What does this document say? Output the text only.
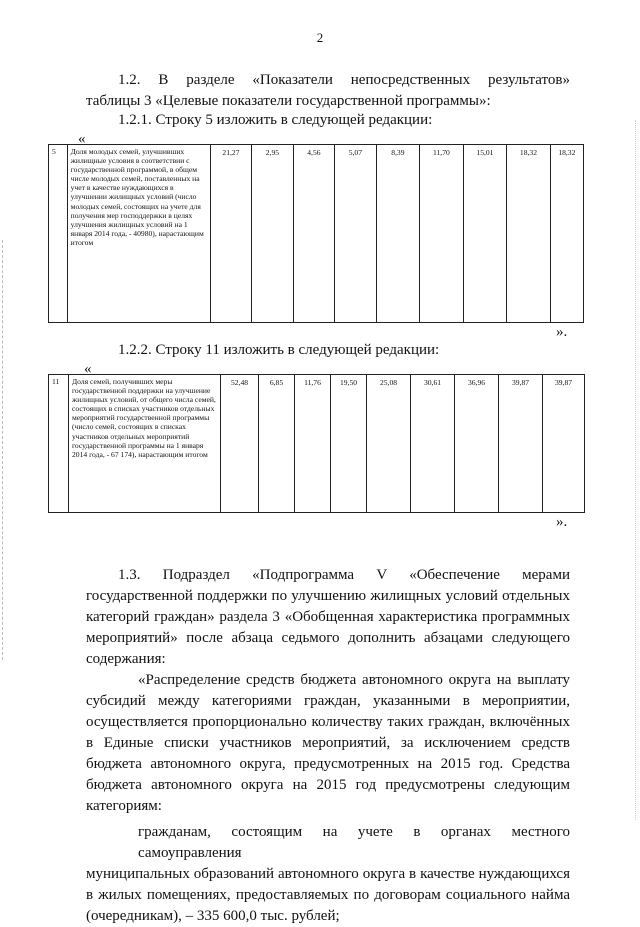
2
1.2. В разделе «Показатели непосредственных результатов»
таблицы 3 «Целевые показатели государственной программы»:
1.2.1. Строку 5 изложить в следующей редакции:
«
5	Доля молодых семей, улучшивших жилищные условия в соответствии с государственной программой, в общем числе молодых семей, поставленных на учет в качестве нуждающихся в улучшении жилищных условий (число молодых семей, состоящих на учете для получения мер господдержки в целях улучшения жилищных условий на 1 января 2014 года, - 40980), нарастающим итогом	21,27	2,95	4,56	5,07	8,39	11,70	15,01	18,32	18,32
».
1.2.2. Строку 11 изложить в следующей редакции:
«
11	Доля семей, получивших меры государственной поддержки на улучшение жилищных условий, от общего числа семей, состоящих в списках участников отдельных мероприятий государственной программы (число семей, состоящих в списках участников отдельных мероприятий государственной программы на 1 января 2014 года, - 67 174), нарастающим итогом	52,48	6,85	11,76	19,50	25,08	30,61	36,96	39,87	39,87
».
1.3. Подраздел «Подпрограмма V «Обеспечение мерами
государственной поддержки по улучшению жилищных условий отдельных
категорий граждан» раздела 3 «Обобщенная характеристика программных
мероприятий» после абзаца седьмого дополнить абзацами следующего
содержания:
«Распределение средств бюджета автономного округа на выплату
субсидий между категориями граждан, указанными в мероприятии,
осуществляется пропорционально количеству таких граждан, включённых
в Единые списки участников мероприятий, за исключением средств
бюджета автономного округа, предусмотренных на 2015 год. Средства
бюджета автономного округа на 2015 год предусмотрены следующим
категориям:
гражданам, состоящим на учете в органах местного самоуправления
муниципальных образований автономного округа в качестве нуждающихся
в жилых помещениях, предоставляемых по договорам социального найма
(очередникам), – 335 600,0 тыс. рублей;
